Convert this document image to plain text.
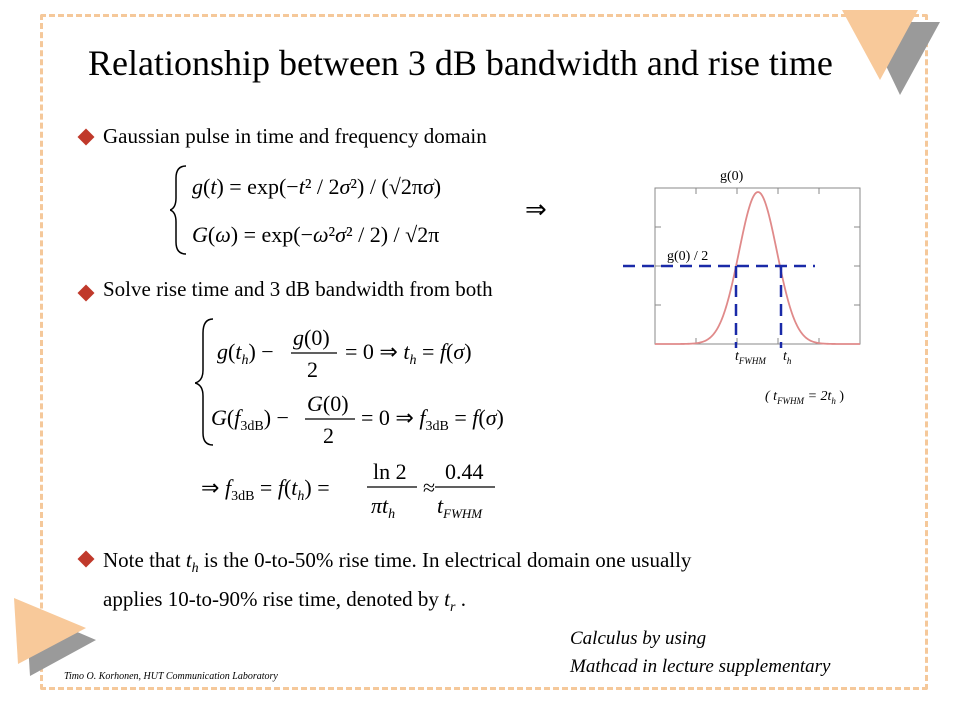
Relationship between 3 dB bandwidth and rise time
Gaussian pulse in time and frequency domain
g(t) = exp(−t² / 2σ²) / (√2πσ)
G(ω) = exp(−ω²σ² / 2) / √2π
⇒
Solve rise time and 3 dB bandwidth from both
$g(t_h)$ −
g(0)
2
= 0 ⇒ $t_h = f(\sigma)$
$G(f_{3dB})$ −
G(0)
2
= 0 ⇒ $f_{3dB} = f(\sigma)$
⇒ $f_{3dB} = f(t_h)$ =
ln 2
$\pi t_h$
≈
0.44
$t_{FWHM}$
g(0)
g(0) / 2
$t_{FWHM}$ $t_h$
( $t_{FWHM} = 2t_h$ )
Note that $t_h$ is the 0-to-50% rise time. In electrical domain one usually
applies 10-to-90% rise time, denoted by $t_r$ .
Calculus by using
Mathcad in lecture supplementary
Timo O. Korhonen, HUT Communication Laboratory
